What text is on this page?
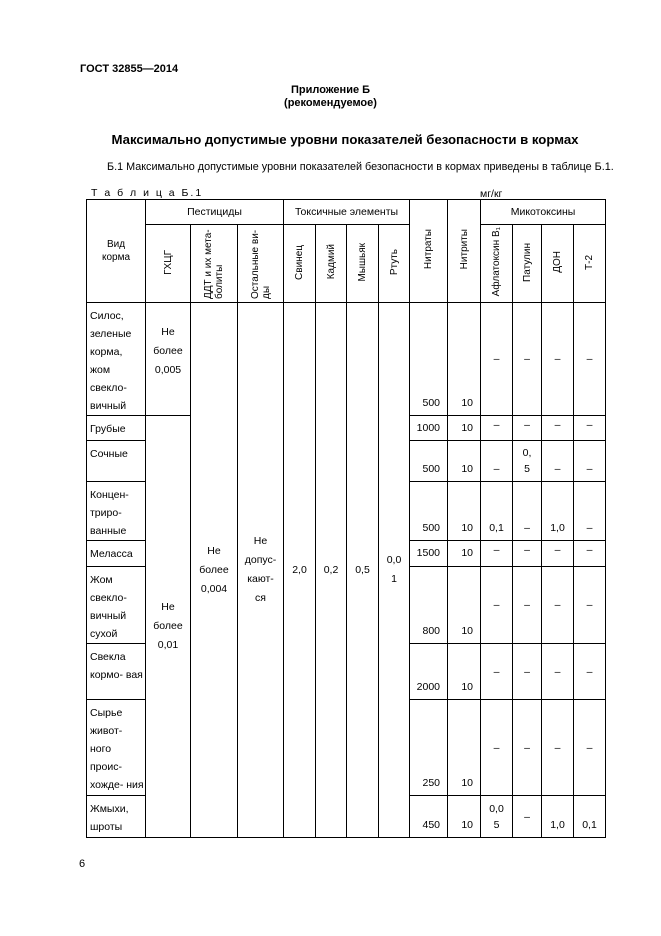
ГОСТ 32855—2014
Приложение Б
(рекомендуемое)
Максимально допустимые уровни показателей безопасности в кормах
Б.1 Максимально допустимые уровни показателей безопасности в кормах приведены в таблице Б.1.
Т а б л и ц а Б.1	мг/кг
Вид корма	Пестициды			Токсичные элементы				Нитраты	Нитриты	Микотоксины			
	ГХЦГ	ДДТ и их мета- болиты	Остальные ви- ды	Свинец	Кадмий	Мышьяк	Ртуть			Афлатоксин В₁	Патулин	ДОН	Т-2
Силос, зеленые корма, жом свекло- вичный	Не более 0,005	Не более 0,004	Не допус- кают- ся	2,0	0,2	0,5	0,0 1	500	10	–	–	–	–
Грубые	Не более 0,01							1000	10	–	–	–	–
Сочные								500	10	–	0, 5	–	–
Концен- триро- ванные								500	10	0,1	–	1,0	–
Меласса								1500	10	–	–	–	–
Жом свекло- вичный сухой								800	10	–	–	–	–
Свекла кормо- вая								2000	10	–	–	–	–
Сырье живот- ного проис- хожде- ния								250	10	–	–	–	–
Жмыхи, шроты								450	10	0,0 5	–	1,0	0,1
6
